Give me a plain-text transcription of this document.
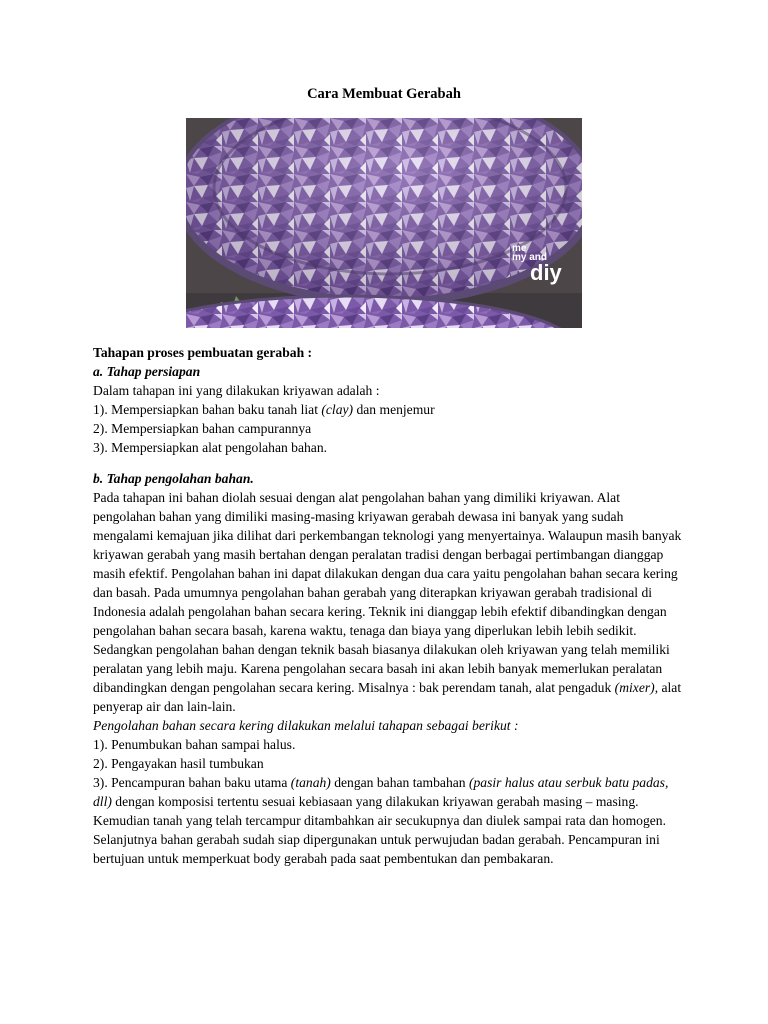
Cara Membuat Gerabah
me
my and
diy

Tahapan proses pembuatan gerabah :

a. Tahap persiapan

Dalam tahapan ini yang dilakukan kriyawan adalah :

1). Mempersiapkan bahan baku tanah liat (clay) dan menjemur

2). Mempersiapkan bahan campurannya

3). Mempersiapkan alat pengolahan bahan.

b. Tahap pengolahan bahan.

Pada tahapan ini bahan diolah sesuai dengan alat pengolahan bahan yang dimiliki kriyawan. Alat pengolahan bahan yang dimiliki masing-masing kriyawan gerabah dewasa ini banyak yang sudah mengalami kemajuan jika dilihat dari perkembangan teknologi yang menyertainya. Walaupun masih banyak kriyawan gerabah yang masih bertahan dengan peralatan tradisi dengan berbagai pertimbangan dianggap masih efektif. Pengolahan bahan ini dapat dilakukan dengan dua cara yaitu pengolahan bahan secara kering dan basah. Pada umumnya pengolahan bahan gerabah yang diterapkan kriyawan gerabah tradisional di Indonesia adalah pengolahan bahan secara kering. Teknik ini dianggap lebih efektif dibandingkan dengan pengolahan bahan secara basah, karena waktu, tenaga dan biaya yang diperlukan lebih lebih sedikit. Sedangkan pengolahan bahan dengan teknik basah biasanya dilakukan oleh kriyawan yang telah memiliki peralatan yang lebih maju. Karena pengolahan secara basah ini akan lebih banyak memerlukan peralatan dibandingkan dengan pengolahan secara kering. Misalnya : bak perendam tanah, alat pengaduk (mixer), alat penyerap air dan lain-lain.

Pengolahan bahan secara kering dilakukan melalui tahapan sebagai berikut :

1). Penumbukan bahan sampai halus.

2). Pengayakan hasil tumbukan

3). Pencampuran bahan baku utama (tanah) dengan bahan tambahan (pasir halus atau serbuk batu padas, dll) dengan komposisi tertentu sesuai kebiasaan yang dilakukan kriyawan gerabah masing – masing. Kemudian tanah yang telah tercampur ditambahkan air secukupnya dan diulek sampai rata dan homogen. Selanjutnya bahan gerabah sudah siap dipergunakan untuk perwujudan badan gerabah. Pencampuran ini bertujuan untuk memperkuat body gerabah pada saat pembentukan dan pembakaran.
